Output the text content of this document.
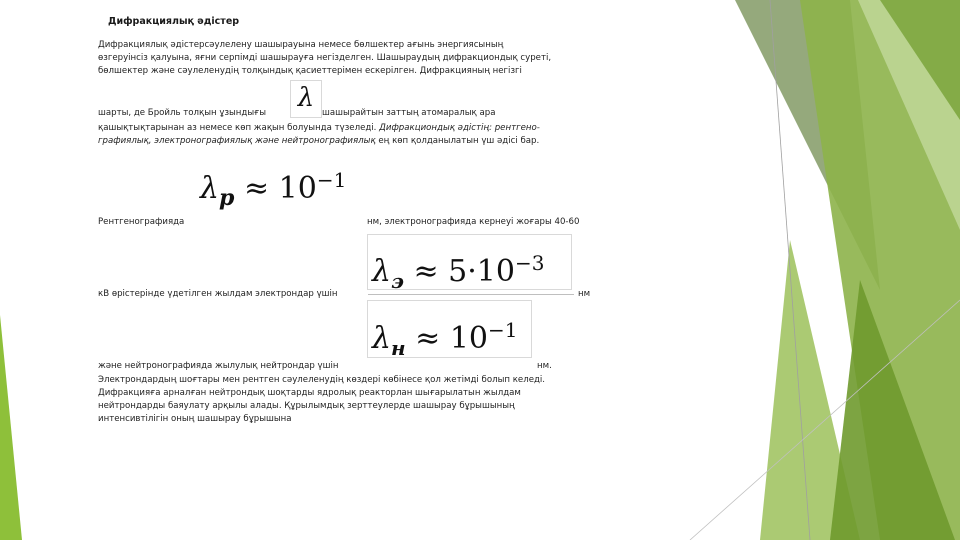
Дифракциялық әдістер
Дифракциялық әдістерсәулелену шашырауына немесе бөлшектер ағынь энергиясының
өзгеруінсіз қалуына, яғни серпімді шашырауға негізделген. Шашыраудың дифракциондық суреті,
бөлшектер және сәулеленудің толқындық қасиеттерімен ескерілген. Дифракцияның негізгі
λ
шарты, де Бройль толқын ұзындығы	шашырайтын заттың атомаралық ара
қашықтықтарынан аз немесе көп жақын болуында түзеледі. Дифракциондық әдістің: рентгено-
графиялық, электронографиялық және нейтронографиялық ең көп қолданылатын үш әдісі бар.
$\lambda_p \approx 10^{-1}$
Рентгенографияда	нм, электронографияда кернеуі жоғары 40-60
$\lambda_э \approx 5\cdot 10^{-3}$
кВ өрістерінде үдетілген жылдам электрондар үшін	нм
$\lambda_н \approx 10^{-1}$
және нейтронографияда жылулық нейтрондар үшін	нм.
Электрондардың шоғтары мен рентген сәулеленудің көздері көбінесе қол жетімді болып келеді.
Дифракцияға арналған нейтрондық шоқтарды ядролық реакторлан шығарылатын жылдам
нейтрондарды баяулату арқылы алады. Құрылымдық зерттеулерде шашырау бұрышының
интенсивтілігін оның шашырау бұрышына
